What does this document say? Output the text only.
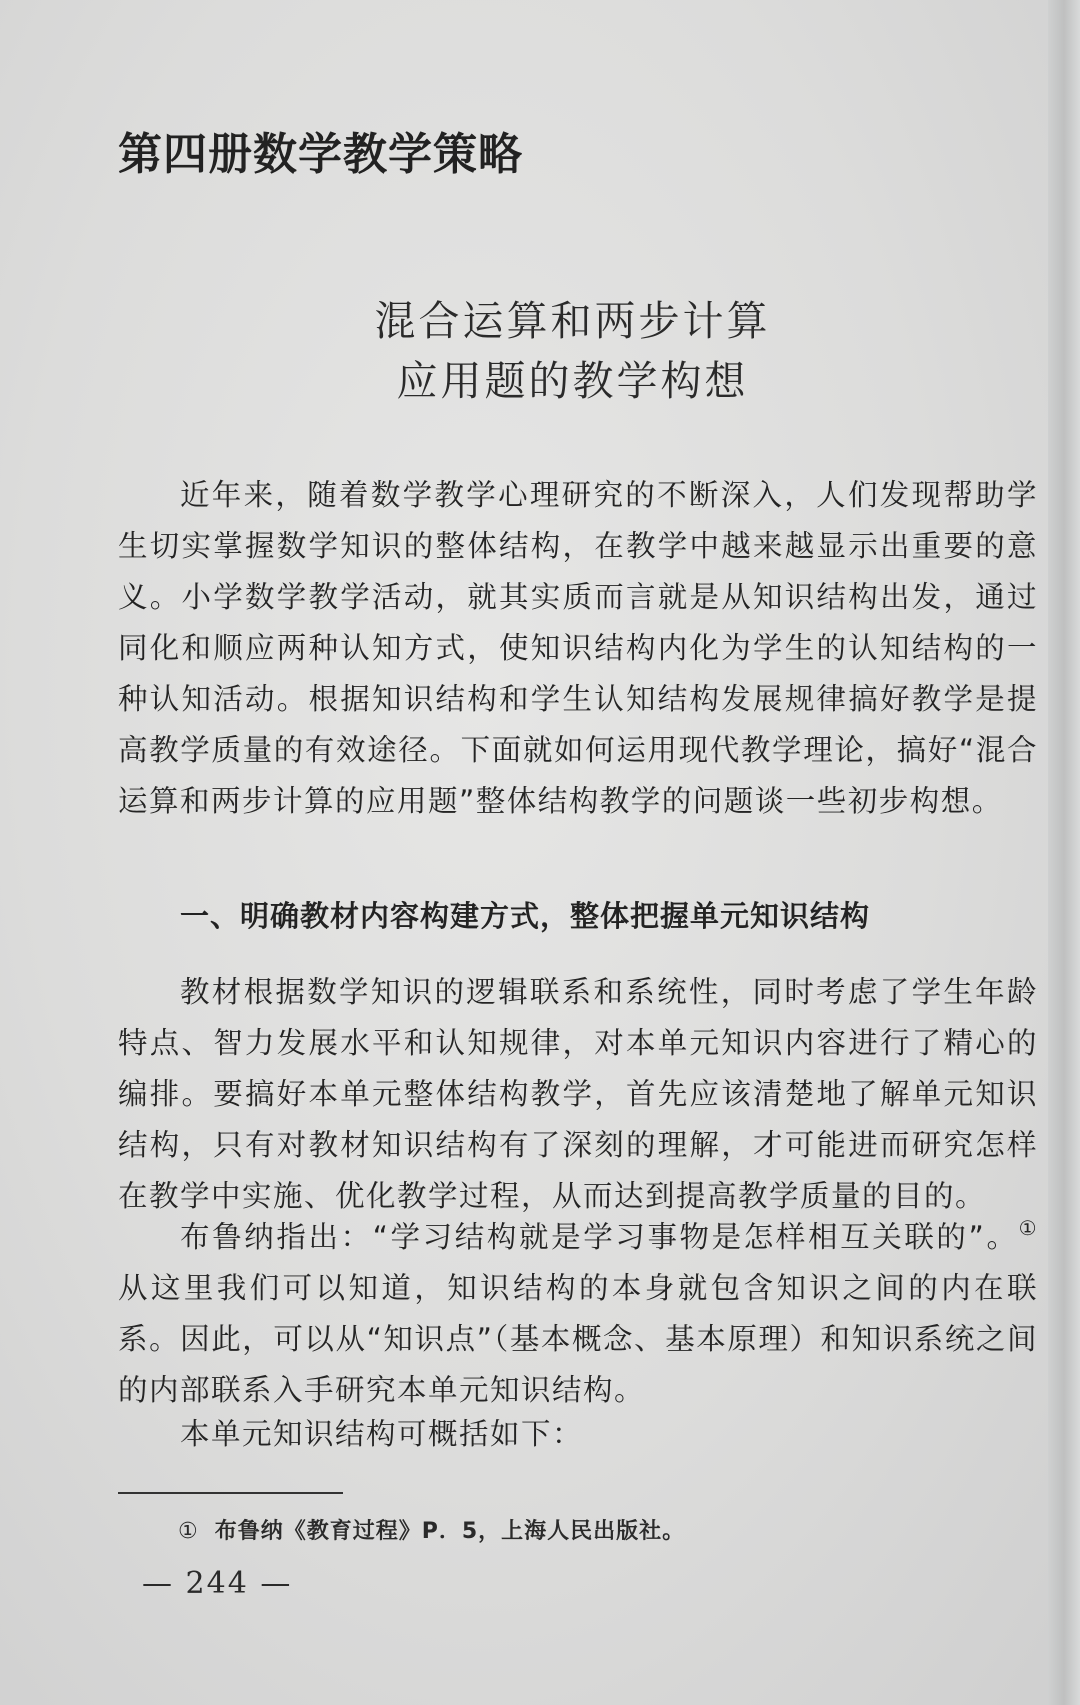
第四册数学教学策略
混合运算和两步计算
应用题的教学构想

近年来，随着数学教学心理研究的不断深入，人们发现帮助学生切实掌握数学知识的整体结构，在教学中越来越显示出重要的意义。小学数学教学活动，就其实质而言就是从知识结构出发，通过同化和顺应两种认知方式，使知识结构内化为学生的认知结构的一种认知活动。根据知识结构和学生认知结构发展规律搞好教学是提高教学质量的有效途径。下面就如何运用现代教学理论，搞好“混合运算和两步计算的应用题”整体结构教学的问题谈一些初步构想。

一、明确教材内容构建方式，整体把握单元知识结构

教材根据数学知识的逻辑联系和系统性，同时考虑了学生年龄特点、智力发展水平和认知规律，对本单元知识内容进行了精心的编排。要搞好本单元整体结构教学，首先应该清楚地了解单元知识结构，只有对教材知识结构有了深刻的理解，才可能进而研究怎样在教学中实施、优化教学过程，从而达到提高教学质量的目的。

布鲁纳指出：“学习结构就是学习事物是怎样相互关联的”。①从这里我们可以知道，知识结构的本身就包含知识之间的内在联系。因此，可以从“知识点”（基本概念、基本原理）和知识系统之间的内部联系入手研究本单元知识结构。

本单元知识结构可概括如下：

① 布鲁纳《教育过程》P．5，上海人民出版社。
— 244 —
